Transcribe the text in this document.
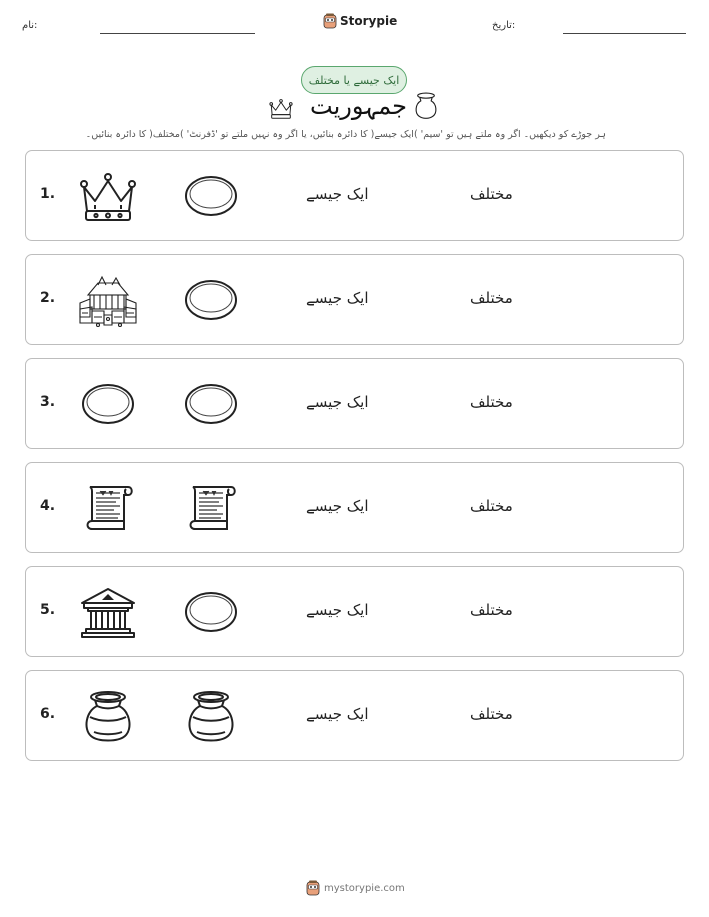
نام:	Storypie	تاریخ:
ایک جیسے یا مختلف
جمہوریت
ہر جوڑے کو دیکھیں۔ اگر وہ ملتے ہیں تو 'سیم' )ایک جیسے( کا دائرہ بنائیں، یا اگر وہ نہیں ملتے تو 'ڈفرنٹ' )مختلف( کا دائرہ بنائیں۔
1.	ایک جیسے	مختلف
2.	ایک جیسے	مختلف
3.	ایک جیسے	مختلف
4.	ایک جیسے	مختلف
5.	ایک جیسے	مختلف
6.	ایک جیسے	مختلف
mystorypie.com
